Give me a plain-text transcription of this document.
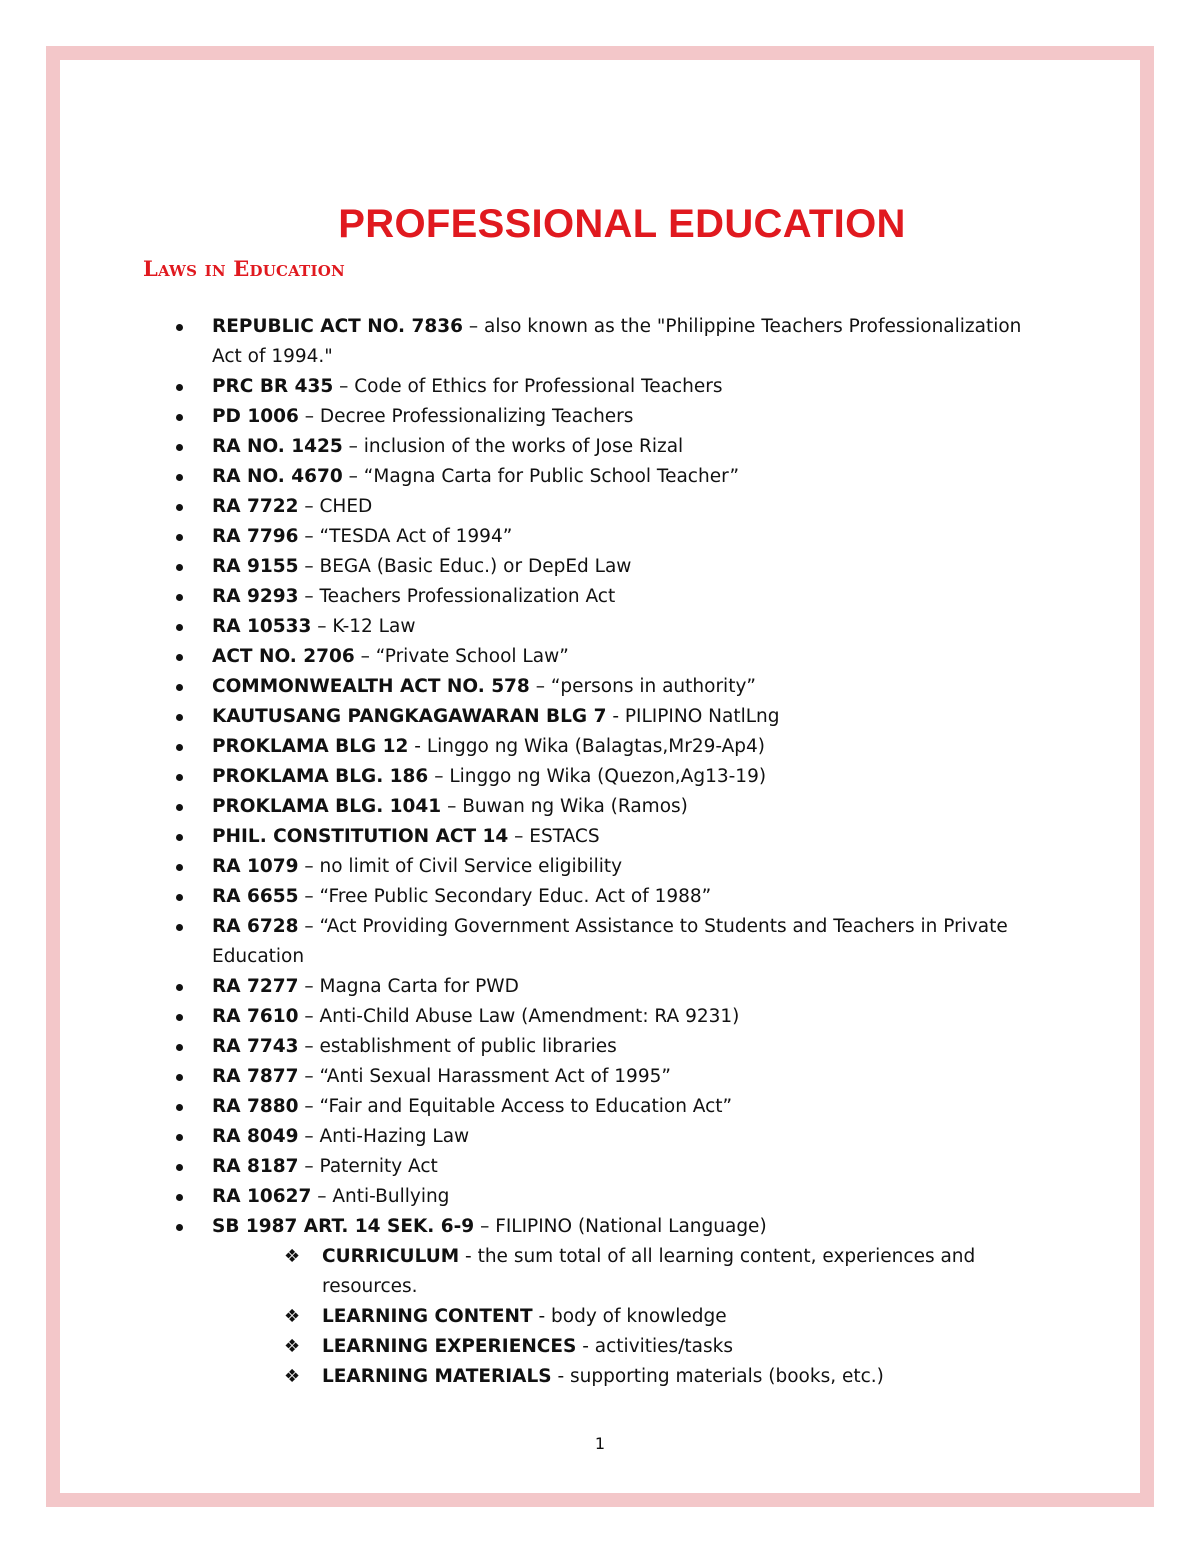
PROFESSIONAL EDUCATION
Laws in Education
REPUBLIC ACT NO. 7836 – also known as the "Philippine Teachers Professionalization Act of 1994."
PRC BR 435 – Code of Ethics for Professional Teachers
PD 1006 – Decree Professionalizing Teachers
RA NO. 1425 – inclusion of the works of Jose Rizal
RA NO. 4670 – “Magna Carta for Public School Teacher”
RA 7722 – CHED
RA 7796 – “TESDA Act of 1994”
RA 9155 – BEGA (Basic Educ.) or DepEd Law
RA 9293 – Teachers Professionalization Act
RA 10533 – K-12 Law
ACT NO. 2706 – “Private School Law”
COMMONWEALTH ACT NO. 578 – “persons in authority”
KAUTUSANG PANGKAGAWARAN BLG 7 - PILIPINO NatlLng
PROKLAMA BLG 12 - Linggo ng Wika (Balagtas,Mr29-Ap4)
PROKLAMA BLG. 186 – Linggo ng Wika (Quezon,Ag13-19)
PROKLAMA BLG. 1041 – Buwan ng Wika (Ramos)
PHIL. CONSTITUTION ACT 14 – ESTACS
RA 1079 – no limit of Civil Service eligibility
RA 6655 – “Free Public Secondary Educ. Act of 1988”
RA 6728 – “Act Providing Government Assistance to Students and Teachers in Private Education
RA 7277 – Magna Carta for PWD
RA 7610 – Anti-Child Abuse Law (Amendment: RA 9231)
RA 7743 – establishment of public libraries
RA 7877 – “Anti Sexual Harassment Act of 1995”
RA 7880 – “Fair and Equitable Access to Education Act”
RA 8049 – Anti-Hazing Law
RA 8187 – Paternity Act
RA 10627 – Anti-Bullying
SB 1987 ART. 14 SEK. 6-9 – FILIPINO (National Language)
❖ CURRICULUM - the sum total of all learning content, experiences and resources.
❖ LEARNING CONTENT - body of knowledge
❖ LEARNING EXPERIENCES - activities/tasks
❖ LEARNING MATERIALS - supporting materials (books, etc.)
1
